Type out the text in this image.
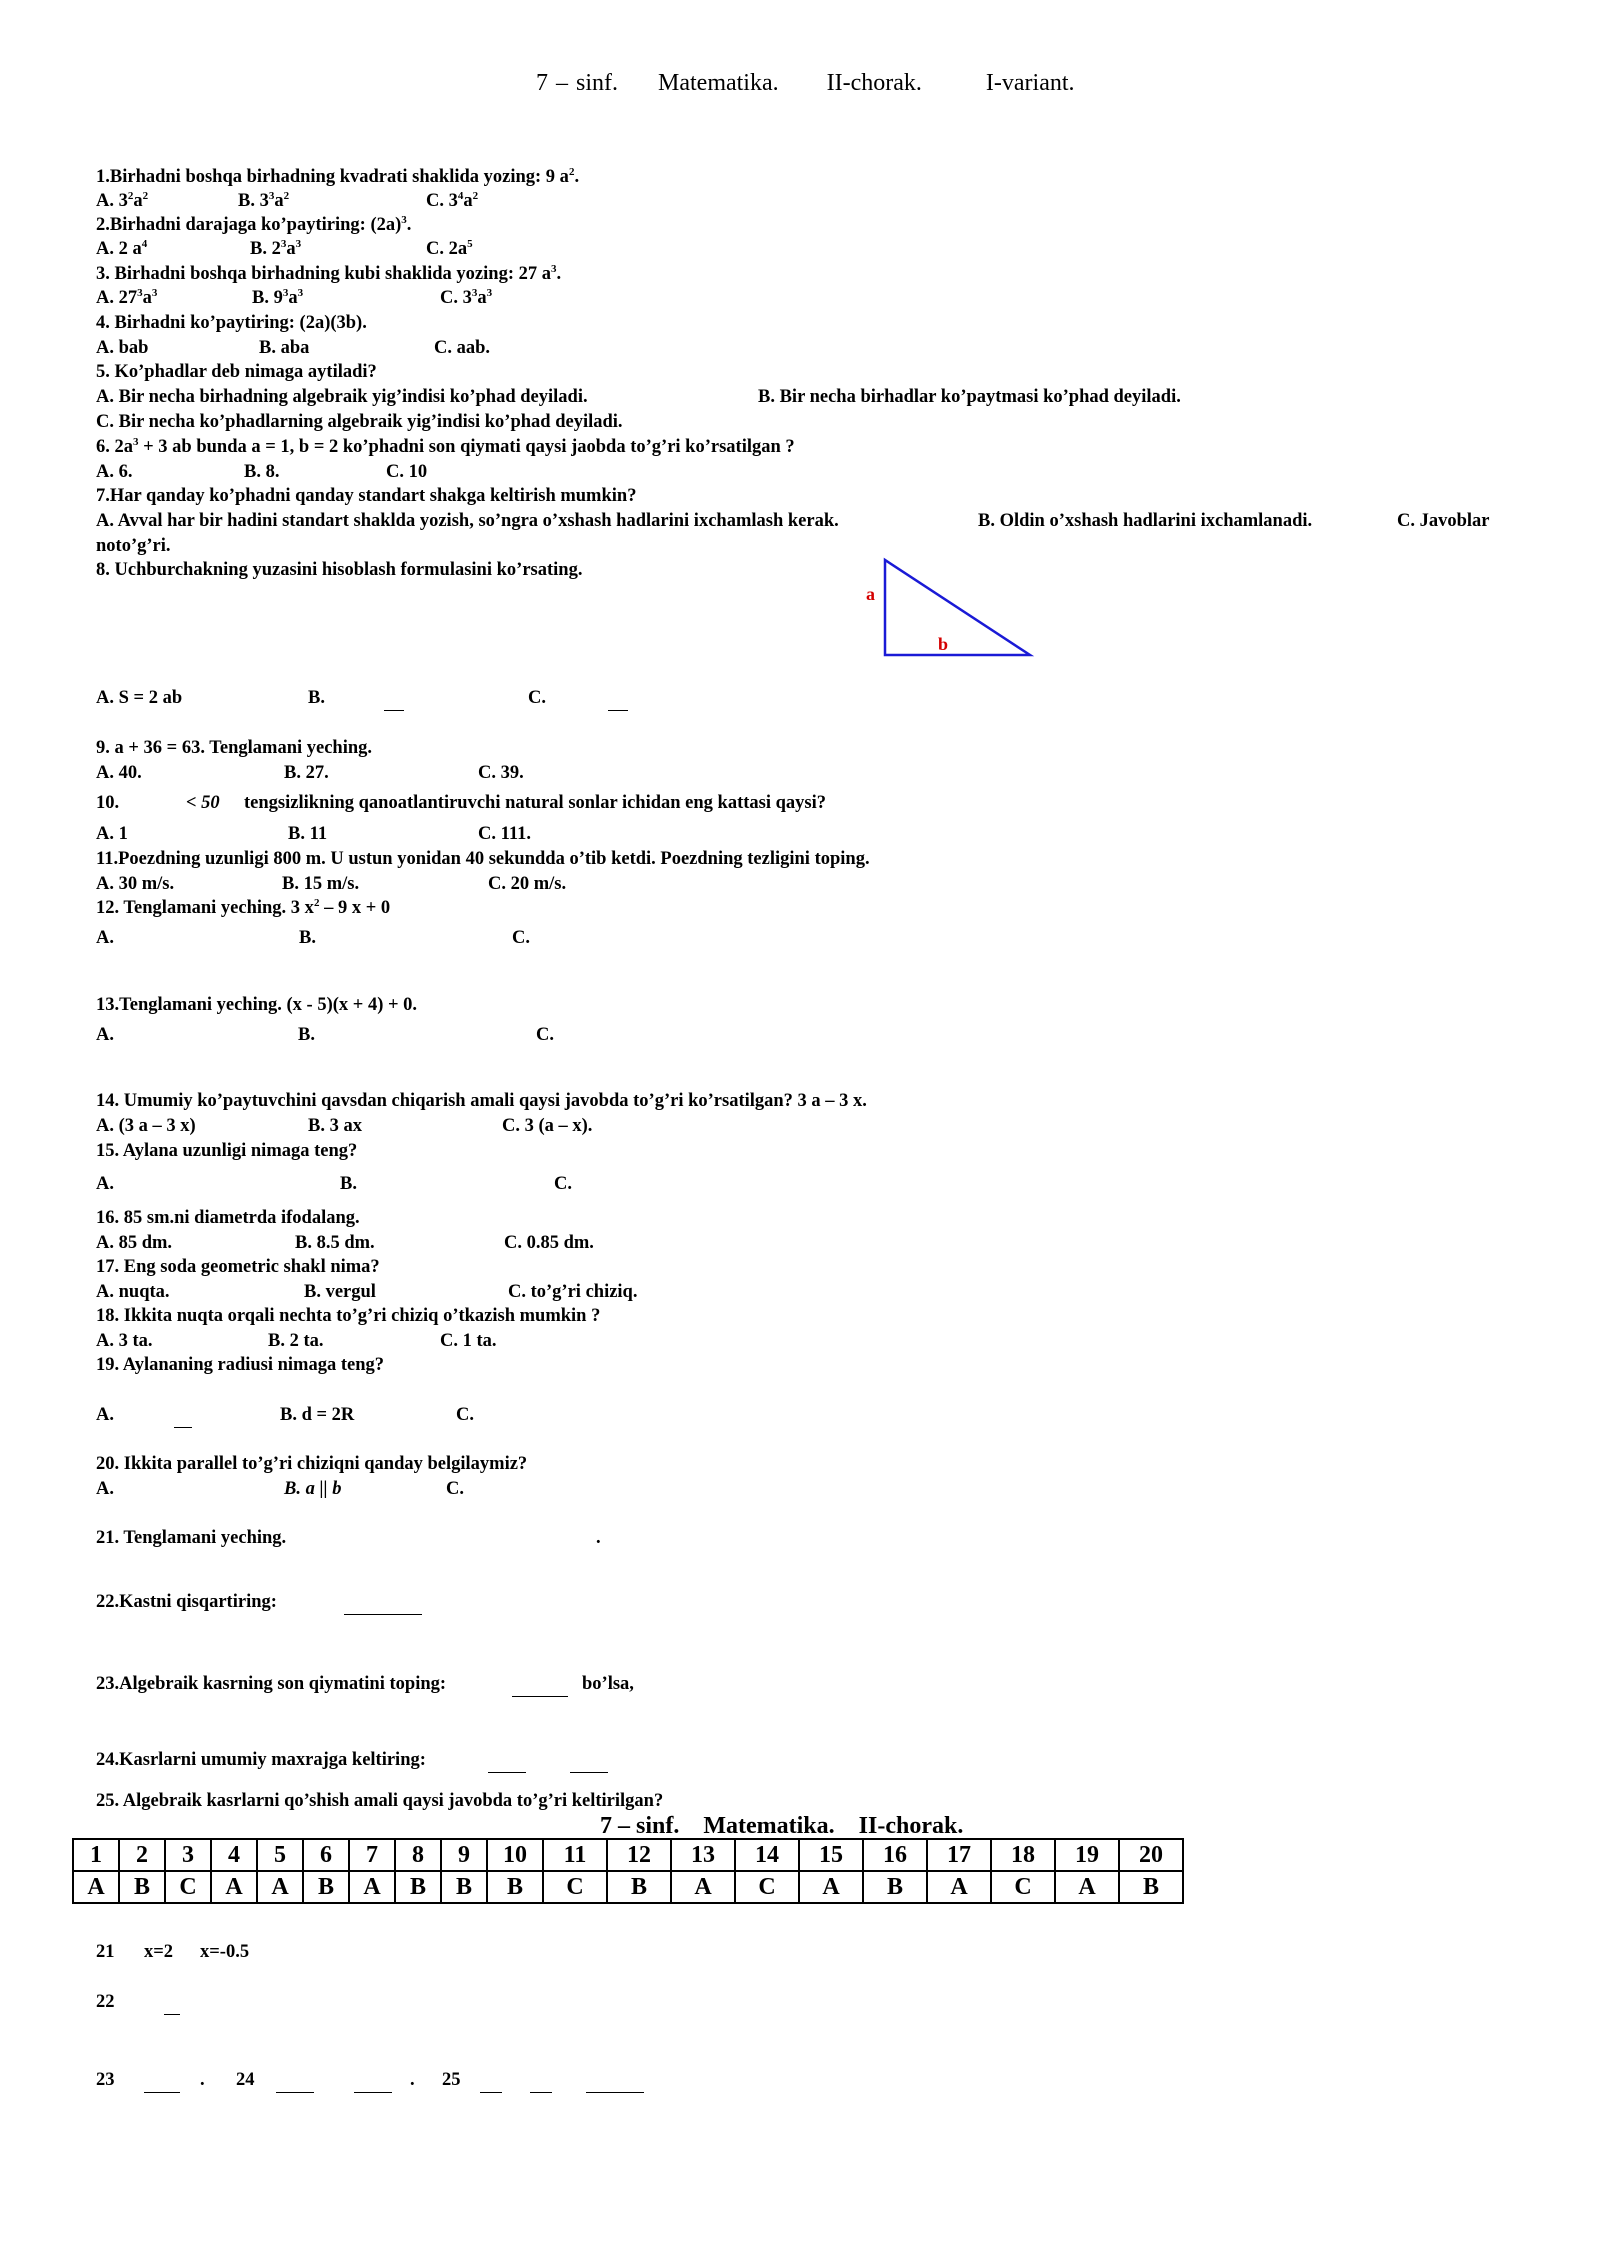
7 – sinf. Matematika. II-chorak.	I-variant.
1.Birhadni boshqa birhadning kvadrati shaklida yozing: 9 $a^2$.
A. $3^2a^2$	B. $3^3a^2$	C. $3^4a^2$
2.Birhadni darajaga ko’paytiring: $(2a)^3$.
A. 2 $a^4$	B. $2^3a^3$	C. $2a^5$
3. Birhadni boshqa birhadning kubi shaklida yozing: 27 $a^3$.
A. $27^3a^3$	B. $9^3a^3$	C. $3^3a^3$
4. Birhadni ko’paytiring: (2a)(3b).
A. bab	B. aba	C. aab.
5. Ko’phadlar deb nimaga aytiladi?
A. Bir necha birhadning algebraik yig’indisi ko’phad deyiladi.	B. Bir necha birhadlar ko’paytmasi ko’phad deyiladi.
C. Bir necha ko’phadlarning algebraik yig’indisi ko’phad deyiladi.
6. $2a^3 + 3$ ab bunda a = 1, b = 2 ko’phadni son qiymati qaysi jaobda to’g’ri ko’rsatilgan ?
A. 6.	B. 8.	C. 10
7.Har qanday ko’phadni qanday standart shakga keltirish mumkin?
A. Avval har bir hadini standart shaklda yozish, so’ngra o’xshash hadlarini ixchamlash kerak.	B. Oldin o’xshash hadlarini ixchamlanadi.	C. Javoblar
noto’g’ri.
8. Uchburchakning yuzasini hisoblash formulasini ko’rsating.
a
b
A. S = 2 ab	B.	C.
9. a + 36 = 63. Tenglamani yeching.
A. 40.	B. 27.	C. 39.
10.	< 50 tengsizlikning qanoatlantiruvchi natural sonlar ichidan eng kattasi qaysi?
A. 1	B. 11	C. 111.
11.Poezdning uzunligi 800 m. U ustun yonidan 40 sekundda o’tib ketdi. Poezdning tezligini toping.
A. 30 m/s.	B. 15 m/s.	C. 20 m/s.
12. Tenglamani yeching. 3 $x^2 - 9$ x + 0
A.	B.	C.
13.Tenglamani yeching. (x - 5)(x + 4) + 0.
A.	B.	C.
14. Umumiy ko’paytuvchini qavsdan chiqarish amali qaysi javobda to’g’ri ko’rsatilgan? 3 a – 3 x.
A. (3 a – 3 x)	B. 3 ax	C. 3 (a – x).
15. Aylana uzunligi nimaga teng?
A.	B.	C.
16. 85 sm.ni diametrda ifodalang.
A. 85 dm.	B. 8.5 dm.	C. 0.85 dm.
17. Eng soda geometric shakl nima?
A. nuqta.	B. vergul	C. to’g’ri chiziq.
18. Ikkita nuqta orqali nechta to’g’ri chiziq o’tkazish mumkin ?
A. 3 ta.	B. 2 ta.	C. 1 ta.
19. Aylananing radiusi nimaga teng?
A.	B. d = 2R	C.
20. Ikkita parallel to’g’ri chiziqni qanday belgilaymiz?
A.	B. a || b	C.
21. Tenglamani yeching.	.
22.Kastni qisqartiring:
23.Algebraik kasrning son qiymatini toping:	bo’lsa,
24.Kasrlarni umumiy maxrajga keltiring:
25. Algebraik kasrlarni qo’shish amali qaysi javobda to’g’ri keltirilgan?
7 – sinf. Matematika. II-chorak.
1	2	3	4	5	6	7	8	9	10	11	12	13	14	15	16	17	18	19	20
A	B	C	A	A	B	A	B	B	B	C	B	A	C	A	B	A	C	A	B
21 x=2 x=-0.5
22
23	. 24	. 25
